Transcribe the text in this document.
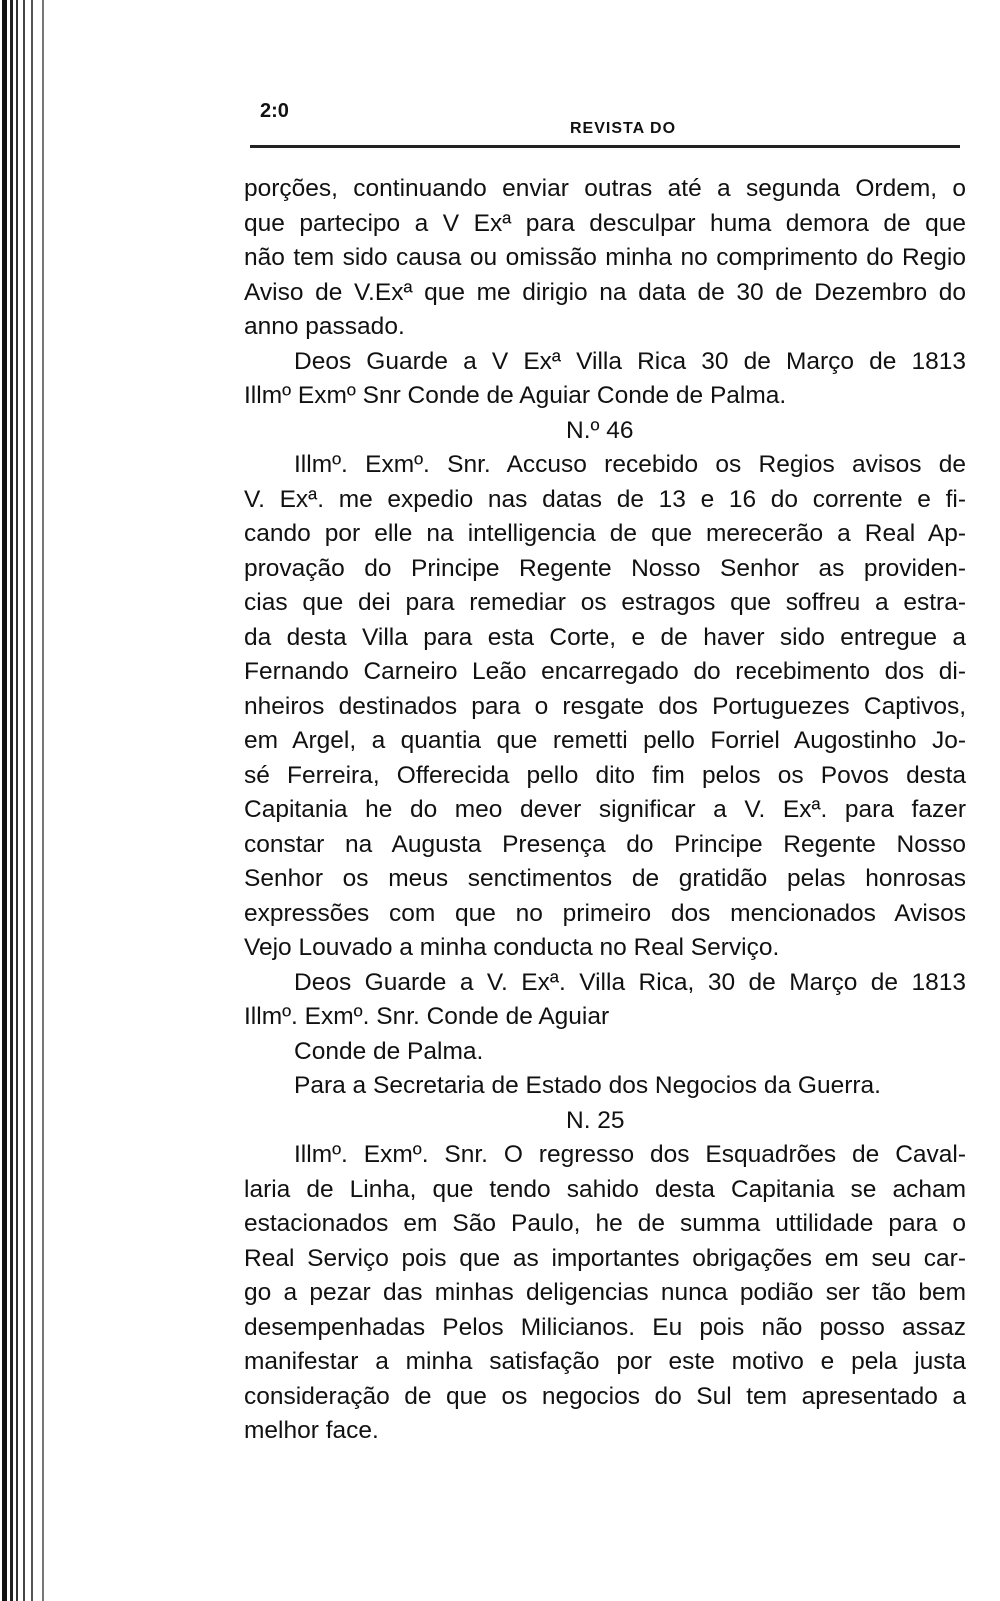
2:0
REVISTA DO
porções, continuando enviar outras até a segunda Ordem, o
que partecipo a V Exª para desculpar huma demora de que
não tem sido causa ou omissão minha no comprimento do Regio
Aviso de V.Exª que me dirigio na data de 30 de Dezembro do
anno passado.
Deos Guarde a V Exª Villa Rica 30 de Março de 1813
Illmº Exmº Snr Conde de Aguiar Conde de Palma.
N.º 46
Illmº. Exmº. Snr. Accuso recebido os Regios avisos de
V. Exª. me expedio nas datas de 13 e 16 do corrente e fi-
cando por elle na intelligencia de que merecerão a Real Ap-
provação do Principe Regente Nosso Senhor as providen-
cias que dei para remediar os estragos que soffreu a estra-
da desta Villa para esta Corte, e de haver sido entregue a
Fernando Carneiro Leão encarregado do recebimento dos di-
nheiros destinados para o resgate dos Portuguezes Captivos,
em Argel, a quantia que remetti pello Forriel Augostinho Jo-
sé Ferreira, Offerecida pello dito fim pelos os Povos desta
Capitania he do meo dever significar a V. Exª. para fazer
constar na Augusta Presença do Principe Regente Nosso
Senhor os meus senctimentos de gratidão pelas honrosas
expressões com que no primeiro dos mencionados Avisos
Vejo Louvado a minha conducta no Real Serviço.
Deos Guarde a V. Exª. Villa Rica, 30 de Março de 1813
Illmº. Exmº. Snr. Conde de Aguiar
Conde de Palma.
Para a Secretaria de Estado dos Negocios da Guerra.
N. 25
Illmº. Exmº. Snr. O regresso dos Esquadrões de Caval-
laria de Linha, que tendo sahido desta Capitania se acham
estacionados em São Paulo, he de summa uttilidade para o
Real Serviço pois que as importantes obrigações em seu car-
go a pezar das minhas deligencias nunca podião ser tão bem
desempenhadas Pelos Milicianos. Eu pois não posso assaz
manifestar a minha satisfação por este motivo e pela justa
consideração de que os negocios do Sul tem apresentado a
melhor face.
